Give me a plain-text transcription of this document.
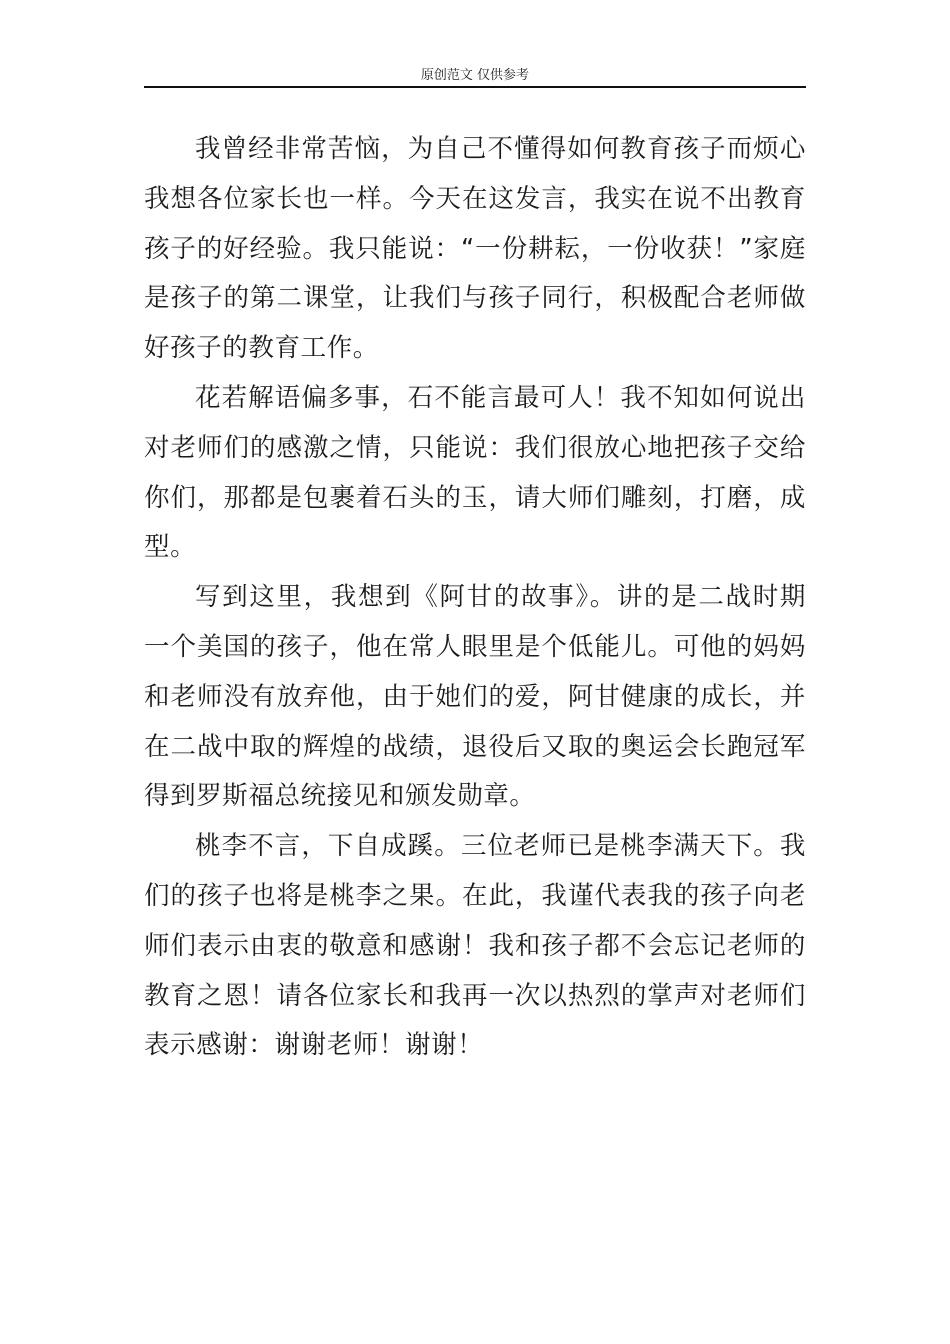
原创范文 仅供参考

我曾经非常苦恼，为自己不懂得如何教育孩子而烦心我想各位家长也一样。今天在这发言，我实在说不出教育孩子的好经验。我只能说：“一份耕耘，一份收获！”家庭是孩子的第二课堂，让我们与孩子同行，积极配合老师做好孩子的教育工作。

花若解语偏多事，石不能言最可人！我不知如何说出对老师们的感激之情，只能说：我们很放心地把孩子交给你们，那都是包裹着石头的玉，请大师们雕刻，打磨，成型。

写到这里，我想到《阿甘的故事》。讲的是二战时期一个美国的孩子，他在常人眼里是个低能儿。可他的妈妈和老师没有放弃他，由于她们的爱，阿甘健康的成长，并在二战中取的辉煌的战绩，退役后又取的奥运会长跑冠军得到罗斯福总统接见和颁发勋章。

桃李不言，下自成蹊。三位老师已是桃李满天下。我们的孩子也将是桃李之果。在此，我谨代表我的孩子向老师们表示由衷的敬意和感谢！我和孩子都不会忘记老师的教育之恩！请各位家长和我再一次以热烈的掌声对老师们表示感谢：谢谢老师！谢谢！
